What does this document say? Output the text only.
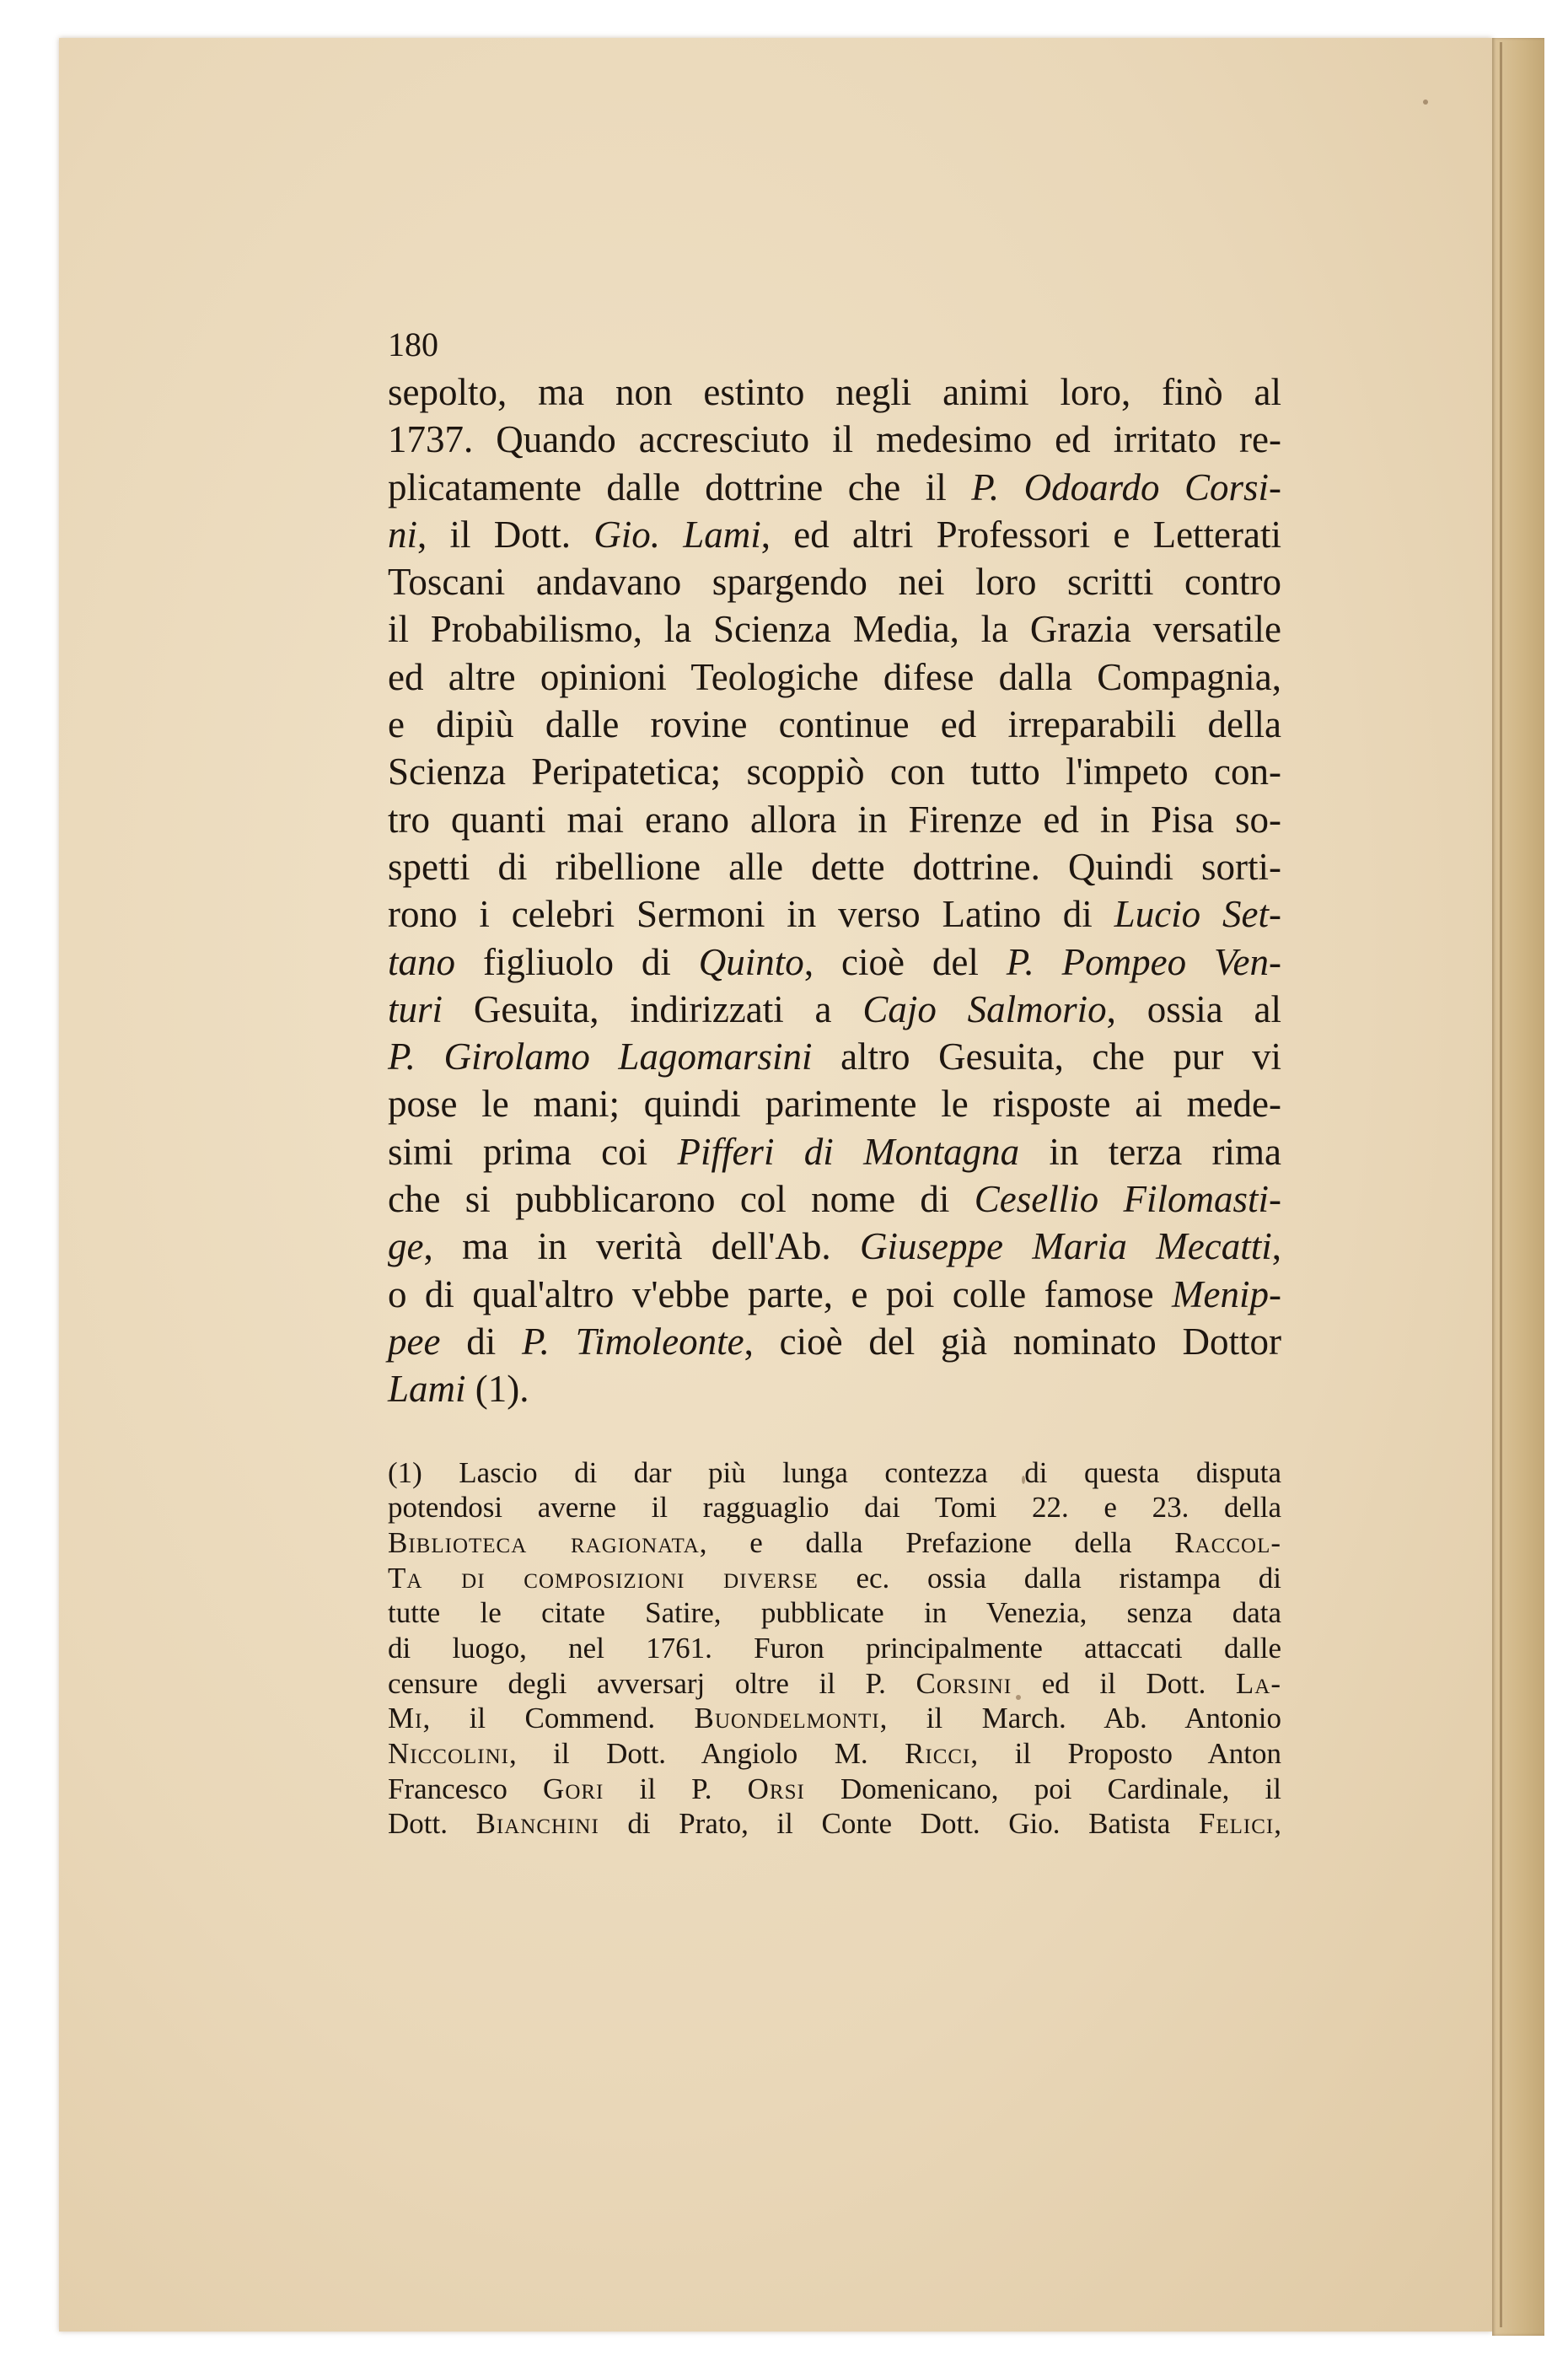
180
sepolto, ma non estinto negli animi loro, finò al
1737. Quando accresciuto il medesimo ed irritato re-
plicatamente dalle dottrine che il P. Odoardo Corsi-
ni, il Dott. Gio. Lami, ed altri Professori e Letterati
Toscani andavano spargendo nei loro scritti contro
il Probabilismo, la Scienza Media, la Grazia versatile
ed altre opinioni Teologiche difese dalla Compagnia,
e dipiù dalle rovine continue ed irreparabili della
Scienza Peripatetica; scoppiò con tutto l'impeto con-
tro quanti mai erano allora in Firenze ed in Pisa so-
spetti di ribellione alle dette dottrine. Quindi sorti-
rono i celebri Sermoni in verso Latino di Lucio Set-
tano figliuolo di Quinto, cioè del P. Pompeo Ven-
turi Gesuita, indirizzati a Cajo Salmorio, ossia al
P. Girolamo Lagomarsini altro Gesuita, che pur vi
pose le mani; quindi parimente le risposte ai mede-
simi prima coi Pifferi di Montagna in terza rima
che si pubblicarono col nome di Cesellio Filomasti-
ge, ma in verità dell'Ab. Giuseppe Maria Mecatti,
o di qual'altro v'ebbe parte, e poi colle famose Menip-
pee di P. Timoleonte, cioè del già nominato Dottor
Lami (1).
(1) Lascio di dar più lunga contezza di questa disputa
potendosi averne il ragguaglio dai Tomi 22. e 23. della
Biblioteca ragionata, e dalla Prefazione della Raccol-
Ta di composizioni diverse ec. ossia dalla ristampa di
tutte le citate Satire, pubblicate in Venezia, senza data
di luogo, nel 1761. Furon principalmente attaccati dalle
censure degli avversarj oltre il P. Corsini ed il Dott. La-
Mi, il Commend. Buondelmonti, il March. Ab. Antonio
Niccolini, il Dott. Angiolo M. Ricci, il Proposto Anton
Francesco Gori il P. Orsi Domenicano, poi Cardinale, il
Dott. Bianchini di Prato, il Conte Dott. Gio. Batista Felici,
